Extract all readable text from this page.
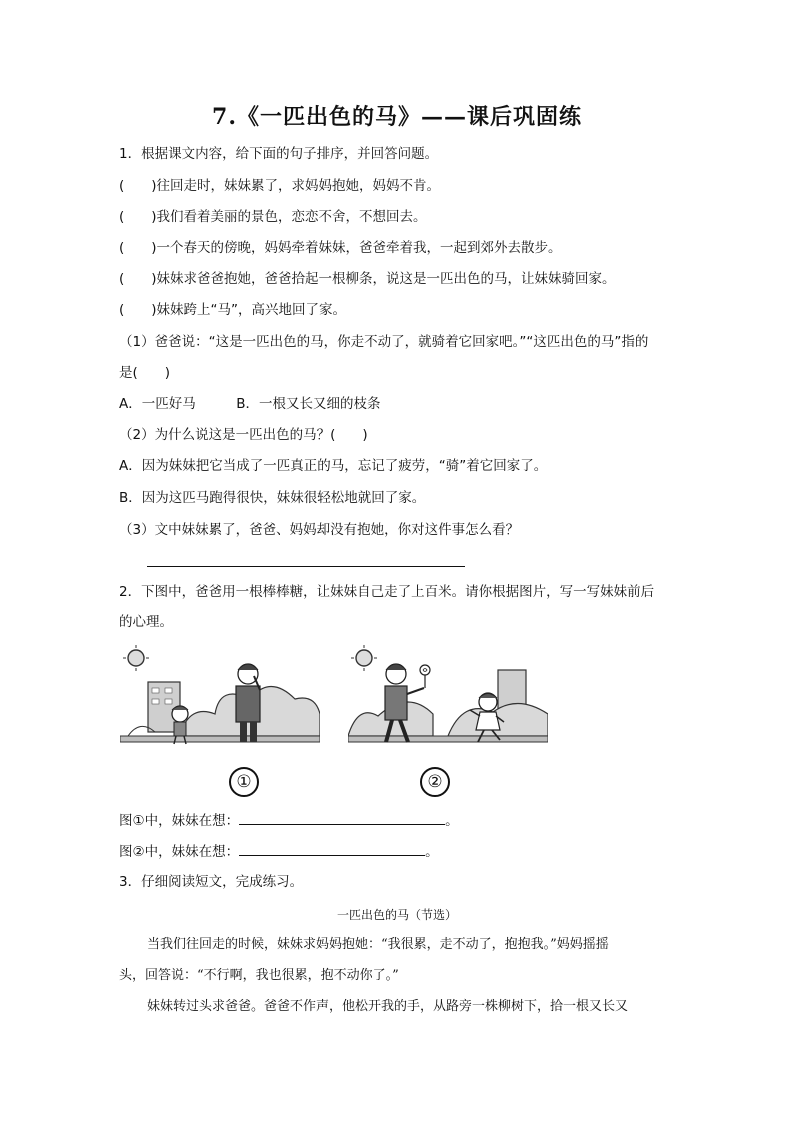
7.《一匹出色的马》——课后巩固练
1．根据课文内容，给下面的句子排序，并回答问题。
(　　)往回走时，妹妹累了，求妈妈抱她，妈妈不肯。
(　　)我们看着美丽的景色，恋恋不舍，不想回去。
(　　)一个春天的傍晚，妈妈牵着妹妹，爸爸牵着我，一起到郊外去散步。
(　　)妹妹求爸爸抱她，爸爸拾起一根柳条，说这是一匹出色的马，让妹妹骑回家。
(　　)妹妹跨上“马”，高兴地回了家。
（1）爸爸说：“这是一匹出色的马，你走不动了，就骑着它回家吧。”“这匹出色的马”指的
是(　　)
A．一匹好马　　　B．一根又长又细的枝条
（2）为什么说这是一匹出色的马？(　　)
A．因为妹妹把它当成了一匹真正的马，忘记了疲劳，“骑”着它回家了。
B．因为这匹马跑得很快，妹妹很轻松地就回了家。
（3）文中妹妹累了，爸爸、妈妈却没有抱她，你对这件事怎么看？
2．下图中，爸爸用一根棒棒糖，让妹妹自己走了上百米。请你根据图片，写一写妹妹前后
的心理。
①	②
图①中，妹妹在想：	。
图②中，妹妹在想：	。
3．仔细阅读短文，完成练习。
一匹出色的马（节选）
当我们往回走的时候，妹妹求妈妈抱她：“我很累，走不动了，抱抱我。”妈妈摇摇
头，回答说：“不行啊，我也很累，抱不动你了。”
妹妹转过头求爸爸。爸爸不作声，他松开我的手，从路旁一株柳树下，拾一根又长又
